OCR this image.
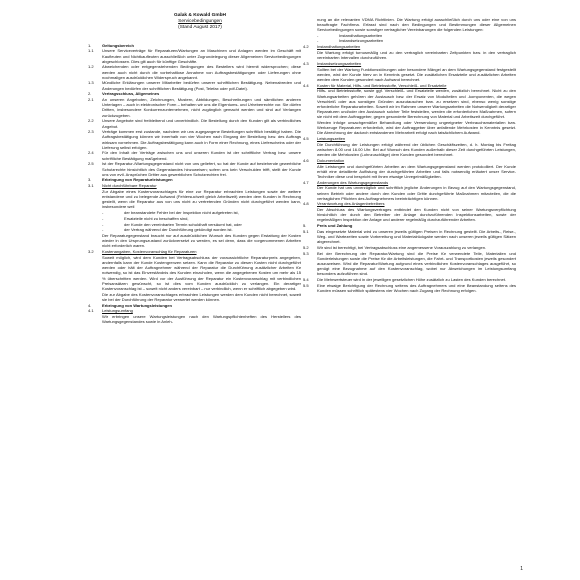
Galak & Kowald GmbH
Servicebedingungen
(Stand August 2017)
1.	Geltungsbereich
1.1	Unsere Serviceverträge für Reparaturen/Wartungen an Maschinen und Anlagen werden im Geschäft mit Kaufleuten und Nichtkaufleuten ausschließlich unter Zugrundelegung dieser Allgemeinen Servicebedingungen abgeschlossen. Dies gilt auch für künftige Geschäfte.
1.2	Abweichenden oder entgegenstehenden Bedingungen des Bestellers wird hiermit widersprochen; diese werden auch nicht durch die vorbehaltlose Annahme von Auftragsbestätigungen oder Lieferungen ohne nochmaligen ausdrücklichen Widerspruch angekannt.
1.3	Mündliche Erklärungen unserer Mitarbeiter bedürfen unserer schriftlichen Bestätigung. Nebenabreden und Änderungen bedürfen der schriftlichen Bestätigung (Post, Telefax oder pdf-Datei).
2.	Vertragsschluss, Allgemeines
2.1	An unseren Angeboten, Zeichnungen, Mustern, Abbildungen, Beschreibungen und sämtlichen anderen Unterlagen – auch in elektronischer Form – behalten wir uns die Eigentums- und Urheberrechte vor. Sie dürfen Dritten, insbesondere Konkurrenzunternehmen, nicht zugänglich gemacht werden und sind auf Verlangen zurückzugeben.
2.2	Unsere Angebote sind freibleibend und unverbindlich. Die Bestellung durch den Kunden gilt als verbindliches Angebot.
2.3	Verträge kommen erst zustande, nachdem wir uns zugegangene Bestellungen schriftlich bestätigt haben. Die Auftragsbestätigung können wir innerhalb von vier Wochen nach Eingang der Bestellung bzw. des Auftrags wirksam vornehmen. Die Auftragsbestätigung kann auch in Form einer Rechnung, eines Lieferscheins oder der Lieferung selbst erfolgen.
2.4	Für den Inhalt der Verträge zwischen uns und unseren Kunden ist der schriftliche Vertrag bzw. unsere schriftliche Bestätigung maßgebend.
2.5	Ist der Reparatur-/Wartungsgegenstand nicht von uns geliefert, so hat der Kunde auf bestehende gewerbliche Schutzrechte hinsichtlich des Gegenstandes hinzuweisen; sofern uns kein Verschulden trifft, stellt der Kunde uns von evtl. Ansprüchen Dritter aus gewerblichen Schutzrechten frei.
3.	Erbringung von Reparaturleistungen
3.1	Nicht durchführbare Reparatur
Zur Abgabe eines Kostenvoranschlages für eine zur Reparatur erbrachten Leistungen sowie der weitere entstandene und zu belegende Aufwand (Fehlersuchzeit gleich Arbeitszeit) werden dem Kunden in Rechnung gestellt, wenn die Reparatur aus von uns nicht zu vertretenden Gründen nicht durchgeführt werden kann, insbesondere weil
-	der beanstandete Fehler bei der Inspektion nicht aufgetreten ist,
-	Ersatzteile nicht zu beschaffen sind,
-	der Kunde den vereinbarten Termin schuldhaft versäumt hat, oder
-	der Vertrag während der Durchführung gekündigt worden ist.
Der Reparaturgegenstand braucht nur auf ausdrücklichen Wunsch des Kunden gegen Erstattung der Kosten wieder in den Ursprungszustand zurückversetzt zu werden, es sei denn, dass die vorgenommenen Arbeiten nicht erforderlich waren.
3.2	Kostenangaben, Kostenvoranschlag für Reparaturen
Soweit möglich, wird dem Kunden bei Vertragsabschluss der voraussichtliche Reparaturpreis angegeben, andernfalls kann der Kunde Kostengrenzen setzen. Kann die Reparatur zu diesen Kosten nicht durchgeführt werden oder hält der Auftragnehmer während der Reparatur die Durchführung zusätzlicher Arbeiten für notwendig, so ist das Einverständnis des Kunden einzuholen, wenn die angegebenen Kosten um mehr als 15 % überschritten werden. Wird vor der Ausführung der Reparatur ein Kostenvoranschlag mit verbindlichen Preisansätzen gewünscht, so ist dies vom Kunden ausdrücklich zu verlangen. Ein derartiger Kostenvoranschlag ist – soweit nicht anders vereinbart – nur verbindlich, wenn er schriftlich abgegeben wird.
Die zur Abgabe des Kostenvoranschlages erbrachten Leistungen werden dem Kunden nicht berechnet, soweit sie bei der Durchführung der Reparatur verwertet werden können.
4.	Erbringung von Wartungsleistungen
4.1	Leistungsumfang
Wir erbringen unsere Wartungsleistungen nach den Wartungspflichtenheften des Herstellers des Wartungsgegenstandes sowie in Anleh-
nung an die relevanten VDMA Richtlinien. Die Wartung erfolgt ausschließlich durch uns oder eine von uns beauftragte Fachfirma. Erfasst sind nach den Bedingungen und Bestimmungen dieser Allgemeinen Servicebedingungen sowie sonstiger vertraglicher Vereinbarungen die folgenden Leistungen:
-	Instandhaltungsarbeiten
-	Instandsetzungsarbeiten
4.2	Instandhaltungsarbeiten
Die Wartung erfolgt turnusmäßig und zu den vertraglich vereinbarten Zeitpunkten bzw. in den vertraglich vereinbarten Intervallen durchzuführen.
4.3	Instandsetzungsarbeiten
Sollten bei der Wartung Funktionsstörungen oder besondere Mängel an dem Wartungsgegenstand festgestellt werden, wird der Kunde hierv on in Kenntnis gesetzt. Die zusätzlichen Ersatzteile und zusätzlichen Arbeiten werden dem Kunden gesondert nach Aufwand berechnet.
4.4	Kosten für Material, Hilfs- und Betriebsstoffe, Verschleiß- und Ersatzteile
Hilfs- und Betriebsstoffe, sowie ggf. Verschleiß- und Ersatzteile werden, zusätzlich berechnet. Nicht zu den Wartungsarbeiten gehören der Austausch bzw. der Ersatz von Modulteilen und -komponenten, die wegen Verschleiß oder aus sonstigen Gründen auszutauschen bzw. zu ersetzen sind, ebenso wenig sonstige erforderliche Reparaturarbeiten. Soweit wir im Rahmen unserer Wartungsarbeiten die Notwendigkeit derartiger Reparaturen und/oder den Austausch solcher Teile feststellen, werden die erforderlichen Maßnahmen, sofern sie nicht mit dem Auftraggeber, gegen gesonderte Berechnung von Material und Arbeitszeit durchgeführt.
Werden infolge unsachgemäßer Behandlung oder Verwendung ungeeigneter Verbrauchsmaterialien bzw. Werkzeuge Reparaturen erforderlich, wird der Auftraggeber über anfallende Mehrkosten in Kenntnis gesetzt. Die Abrechnung der dadurch entstandenen Mehrarbeit erfolgt nach tatsächlichem Aufwand.
4.5	Leistungszeiten
Die Durchführung der Leistungen erfolgt während der üblichen Geschäftszeiten, d. h. Montag bis Freitag zwischen 8.00 und 16.00 Uhr. Bei auf Wunsch des Kunden außerhalb dieser Zeit durchgeführten Leistungen, werden die Mehrkosten (Lohnzuschläge) dem Kunden gesondert berechnet.
4.6	Dokumentation
Alle Leistungen und durchgeführten Arbeiten an dem Wartungsgegenstand werden protokolliert. Der Kunde erhält eine detaillierte Auflistung der durchgeführten Arbeiten und falls notwendig erläutert unser Service-Techniker diese und bespricht mit ihnen etwaige Unregelmäßigkeiten.
4.7	Änderungen des Wartungsgegenstands
Der Kunde hat uns unverzüglich und schriftlich jegliche Änderungen in Bezug auf den Wartungsgegenstand, seinen Betrieb oder andere durch den Kunden oder Dritte durchgeführte Maßnahmen mitzuteilen, die die vertraglichen Pflichten des Auftragnehmers beeinträchtigen können.
4.8	Verantwortung des Anlagenbetreibers
Der Abschluss des Wartungsvertrages entbindet den Kunden nicht von seiner Wartungsverpflichtung hinsichtlich der durch den Betreiber der Anlage durchzuführenden Inspektionsarbeiten, sowie der regelmäßigen Inspektion der Anlage und anderer regelmäßig durchzuführender Arbeiten.
5.	Preis und Zahlung
5.1	Das eingesetzte Material wird zu unseren jeweils gültigen Preisen in Rechnung gestellt. Die Arbeits-, Reise-, Weg- und Wartezeiten sowie Vorbereitung und Materialrückgabe werden nach unseren jeweils gültigen Sätzen abgerechnet.
5.2	Wir sind ist berechtigt, bei Vertragsabschluss eine angemessene Vorauszahlung zu verlangen.
5.3	Bei der Berechnung der Reparatur/Wartung sind die Preise für verwendete Teile, Materialien und Sonderleistungen sowie die Preise für die Arbeitsleistungen, die Fahrt- und Transportkosten jeweils gesondert auszuweisen. Wird die Reparatur/Wartung aufgrund eines verbindlichen Kostenvoranschlages ausgeführt, so genügt eine Bezugnahme auf den Kostenvoranschlag, wobei nur Abweichungen im Leistungsumfang besonders aufzuführen sind.
5.4	Die Mehrwertsteuer wird in der jeweiligen gesetzlichen Höhe zusätzlich zu Lasten des Kunden berechnet.
5.5	Eine etwaige Berichtigung der Rechnung seitens des Auftragnehmers und eine Beanstandung seitens des Kunden müssen schriftlich spätestens vier Wochen nach Zugang der Rechnung erfolgen.
1
